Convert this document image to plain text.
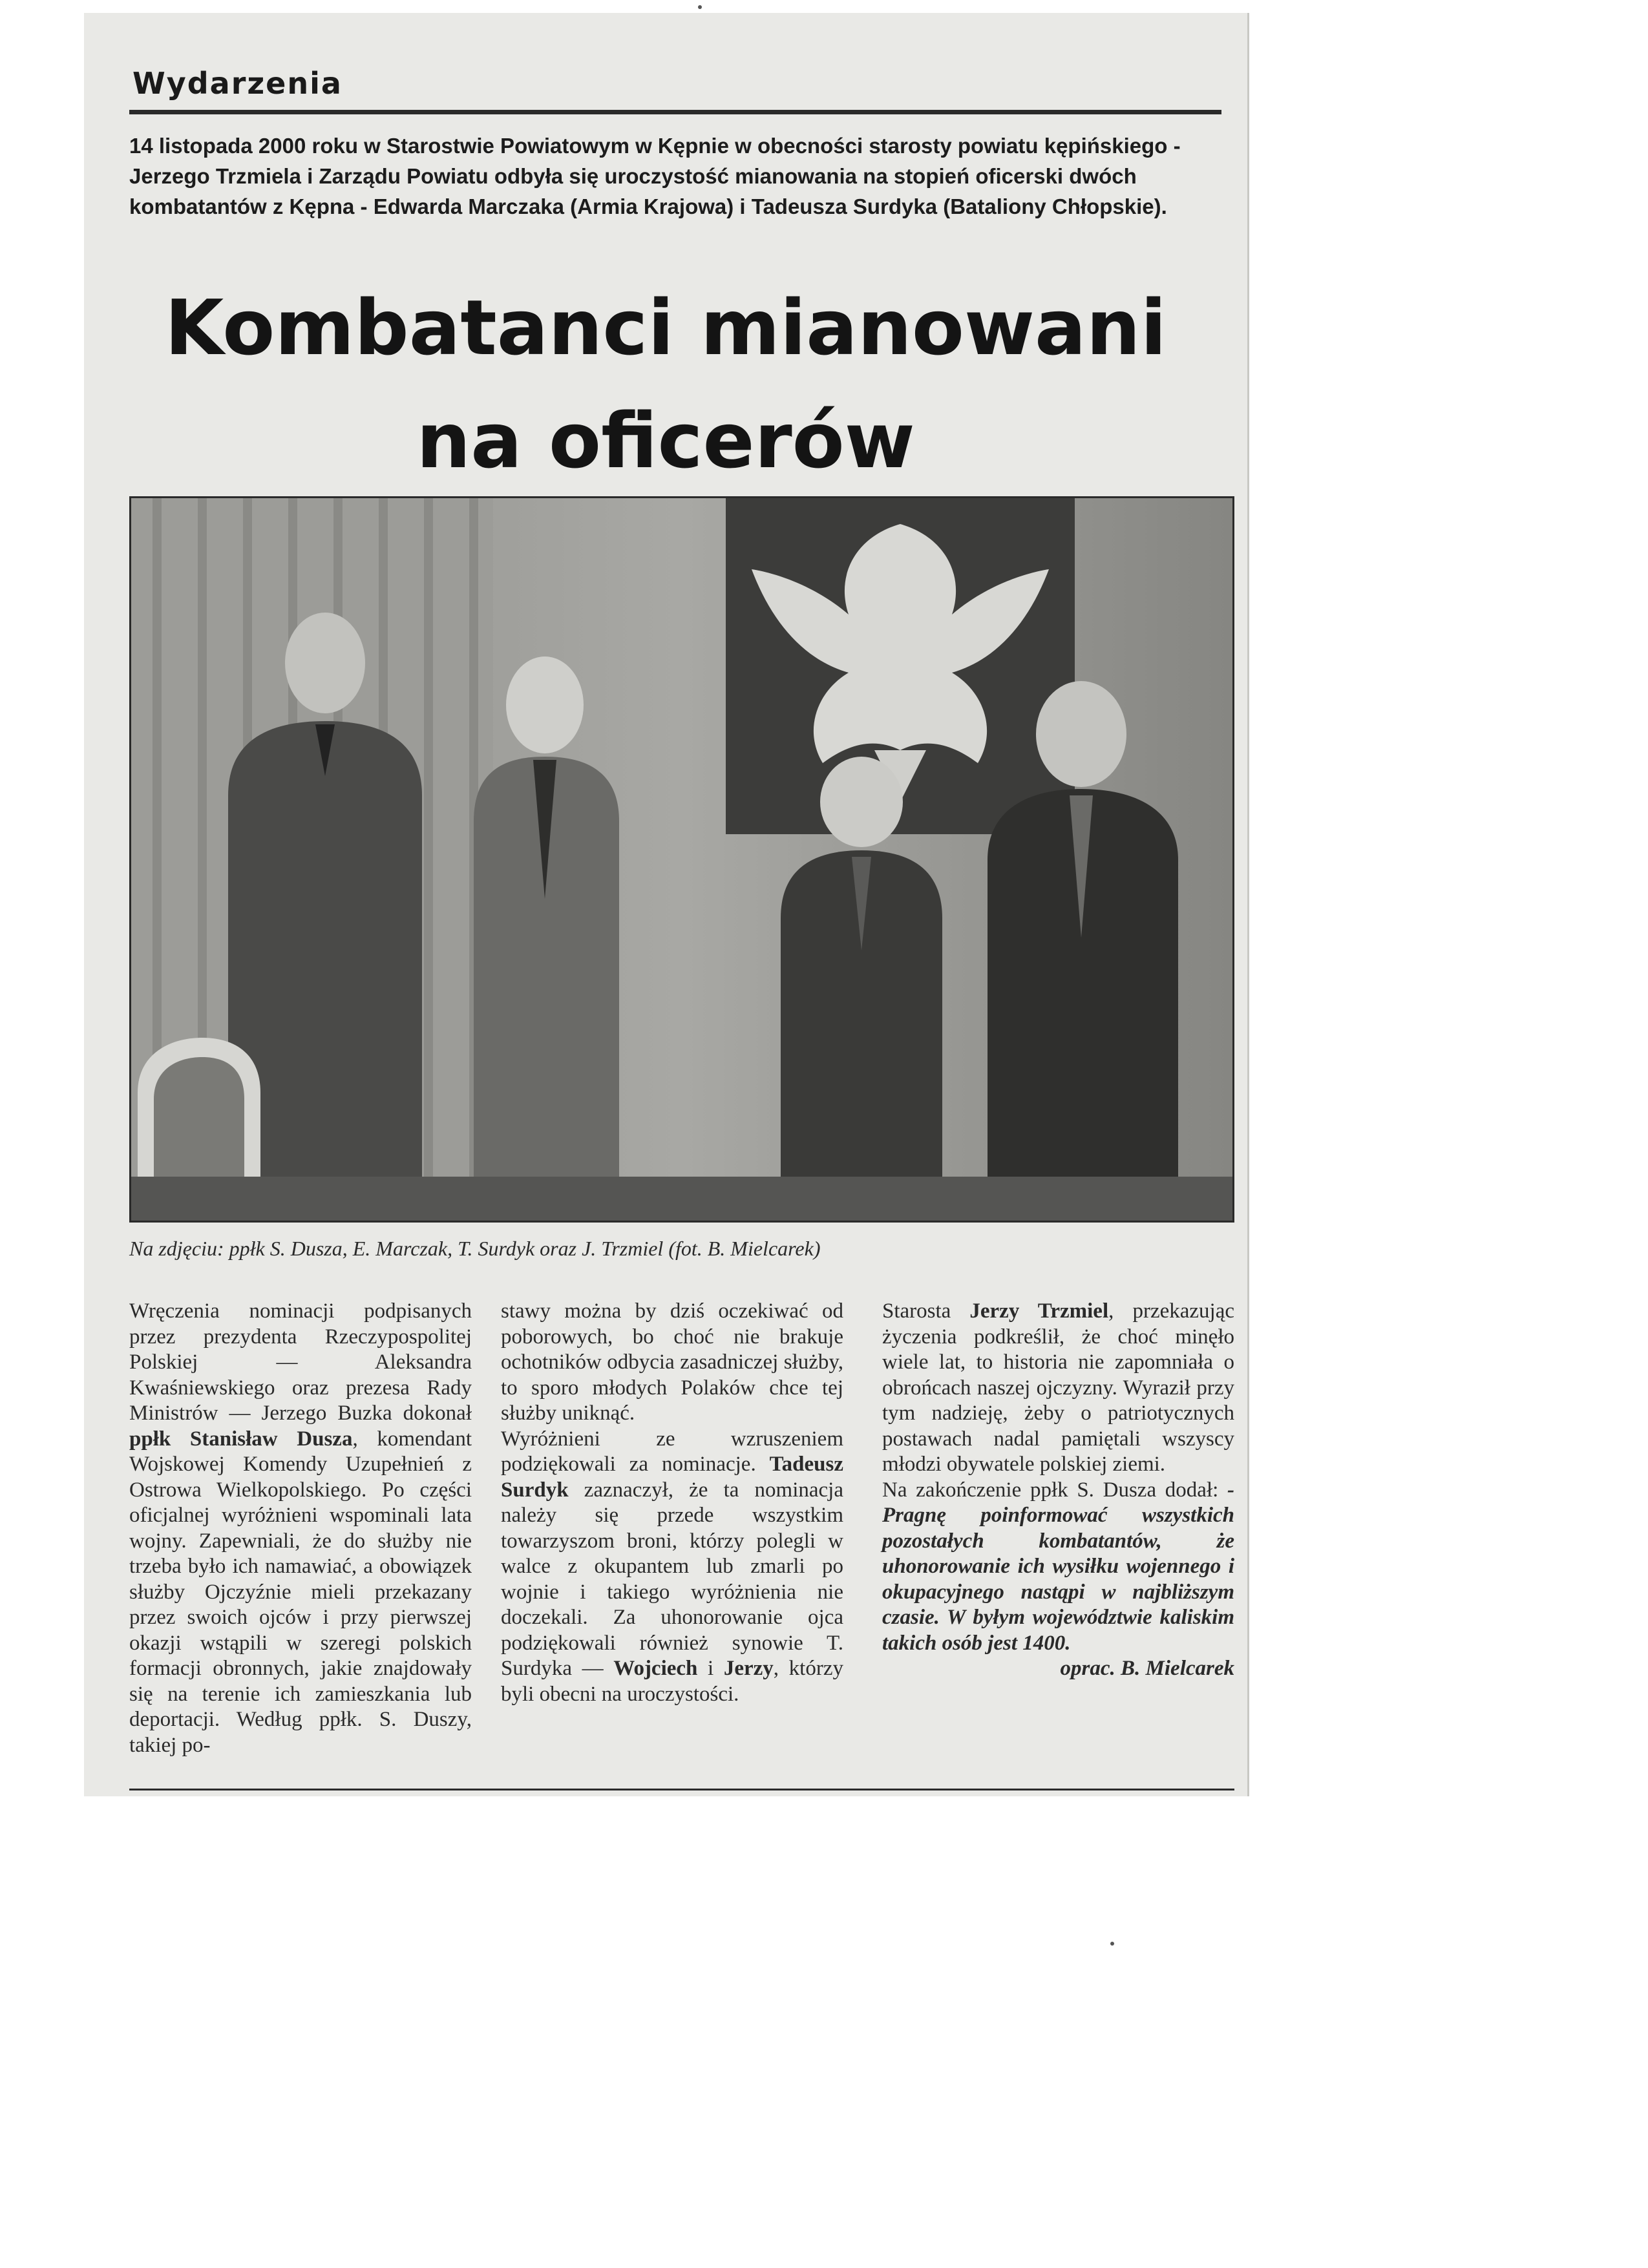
Wydarzenia
14 listopada 2000 roku w Starostwie Powiatowym w Kępnie w obecności starosty powiatu kępińskiego - Jerzego Trzmiela i Zarządu Powiatu odbyła się uroczystość mianowania na stopień oficerski dwóch kombatantów z Kępna - Edwarda Marczaka (Armia Krajowa) i Tadeusza Surdyka (Bataliony Chłopskie).
Kombatanci mianowani
na oficerów
Na zdjęciu: ppłk S. Dusza, E. Marczak, T. Surdyk oraz J. Trzmiel (fot. B. Mielcarek)

Wręczenia nominacji podpisanych przez prezydenta Rzeczypospolitej Polskiej — Aleksandra Kwaśniewskiego oraz prezesa Rady Ministrów — Jerzego Buzka dokonał ppłk Stanisław Dusza, komendant Wojskowej Komendy Uzupełnień z Ostrowa Wielkopolskiego. Po części oficjalnej wyróżnieni wspominali lata wojny. Zapewniali, że do służby nie trzeba było ich namawiać, a obowiązek służby Ojczyźnie mieli przekazany przez swoich ojców i przy pierwszej okazji wstąpili w szeregi polskich formacji obronnych, jakie znajdowały się na terenie ich zamieszkania lub deportacji. Według ppłk. S. Duszy, takiej po-

stawy można by dziś oczekiwać od poborowych, bo choć nie brakuje ochotników odbycia zasadniczej służby, to sporo młodych Polaków chce tej służby uniknąć.

Wyróżnieni ze wzruszeniem podziękowali za nominacje. Tadeusz Surdyk zaznaczył, że ta nominacja należy się przede wszystkim towarzyszom broni, którzy polegli w walce z okupantem lub zmarli po wojnie i takiego wyróżnienia nie doczekali. Za uhonorowanie ojca podziękowali również synowie T. Surdyka — Wojciech i Jerzy, którzy byli obecni na uroczystości.

Starosta Jerzy Trzmiel, przekazując życzenia podkreślił, że choć minęło wiele lat, to historia nie zapomniała o obrońcach naszej ojczyzny. Wyraził przy tym nadzieję, żeby o patriotycznych postawach nadal pamiętali wszyscy młodzi obywatele polskiej ziemi.

Na zakończenie ppłk S. Dusza dodał: - Pragnę poinformować wszystkich pozostałych kombatantów, że uhonorowanie ich wysiłku wojennego i okupacyjnego nastąpi w najbliższym czasie. W byłym województwie kaliskim takich osób jest 1400.

oprac. B. Mielcarek
